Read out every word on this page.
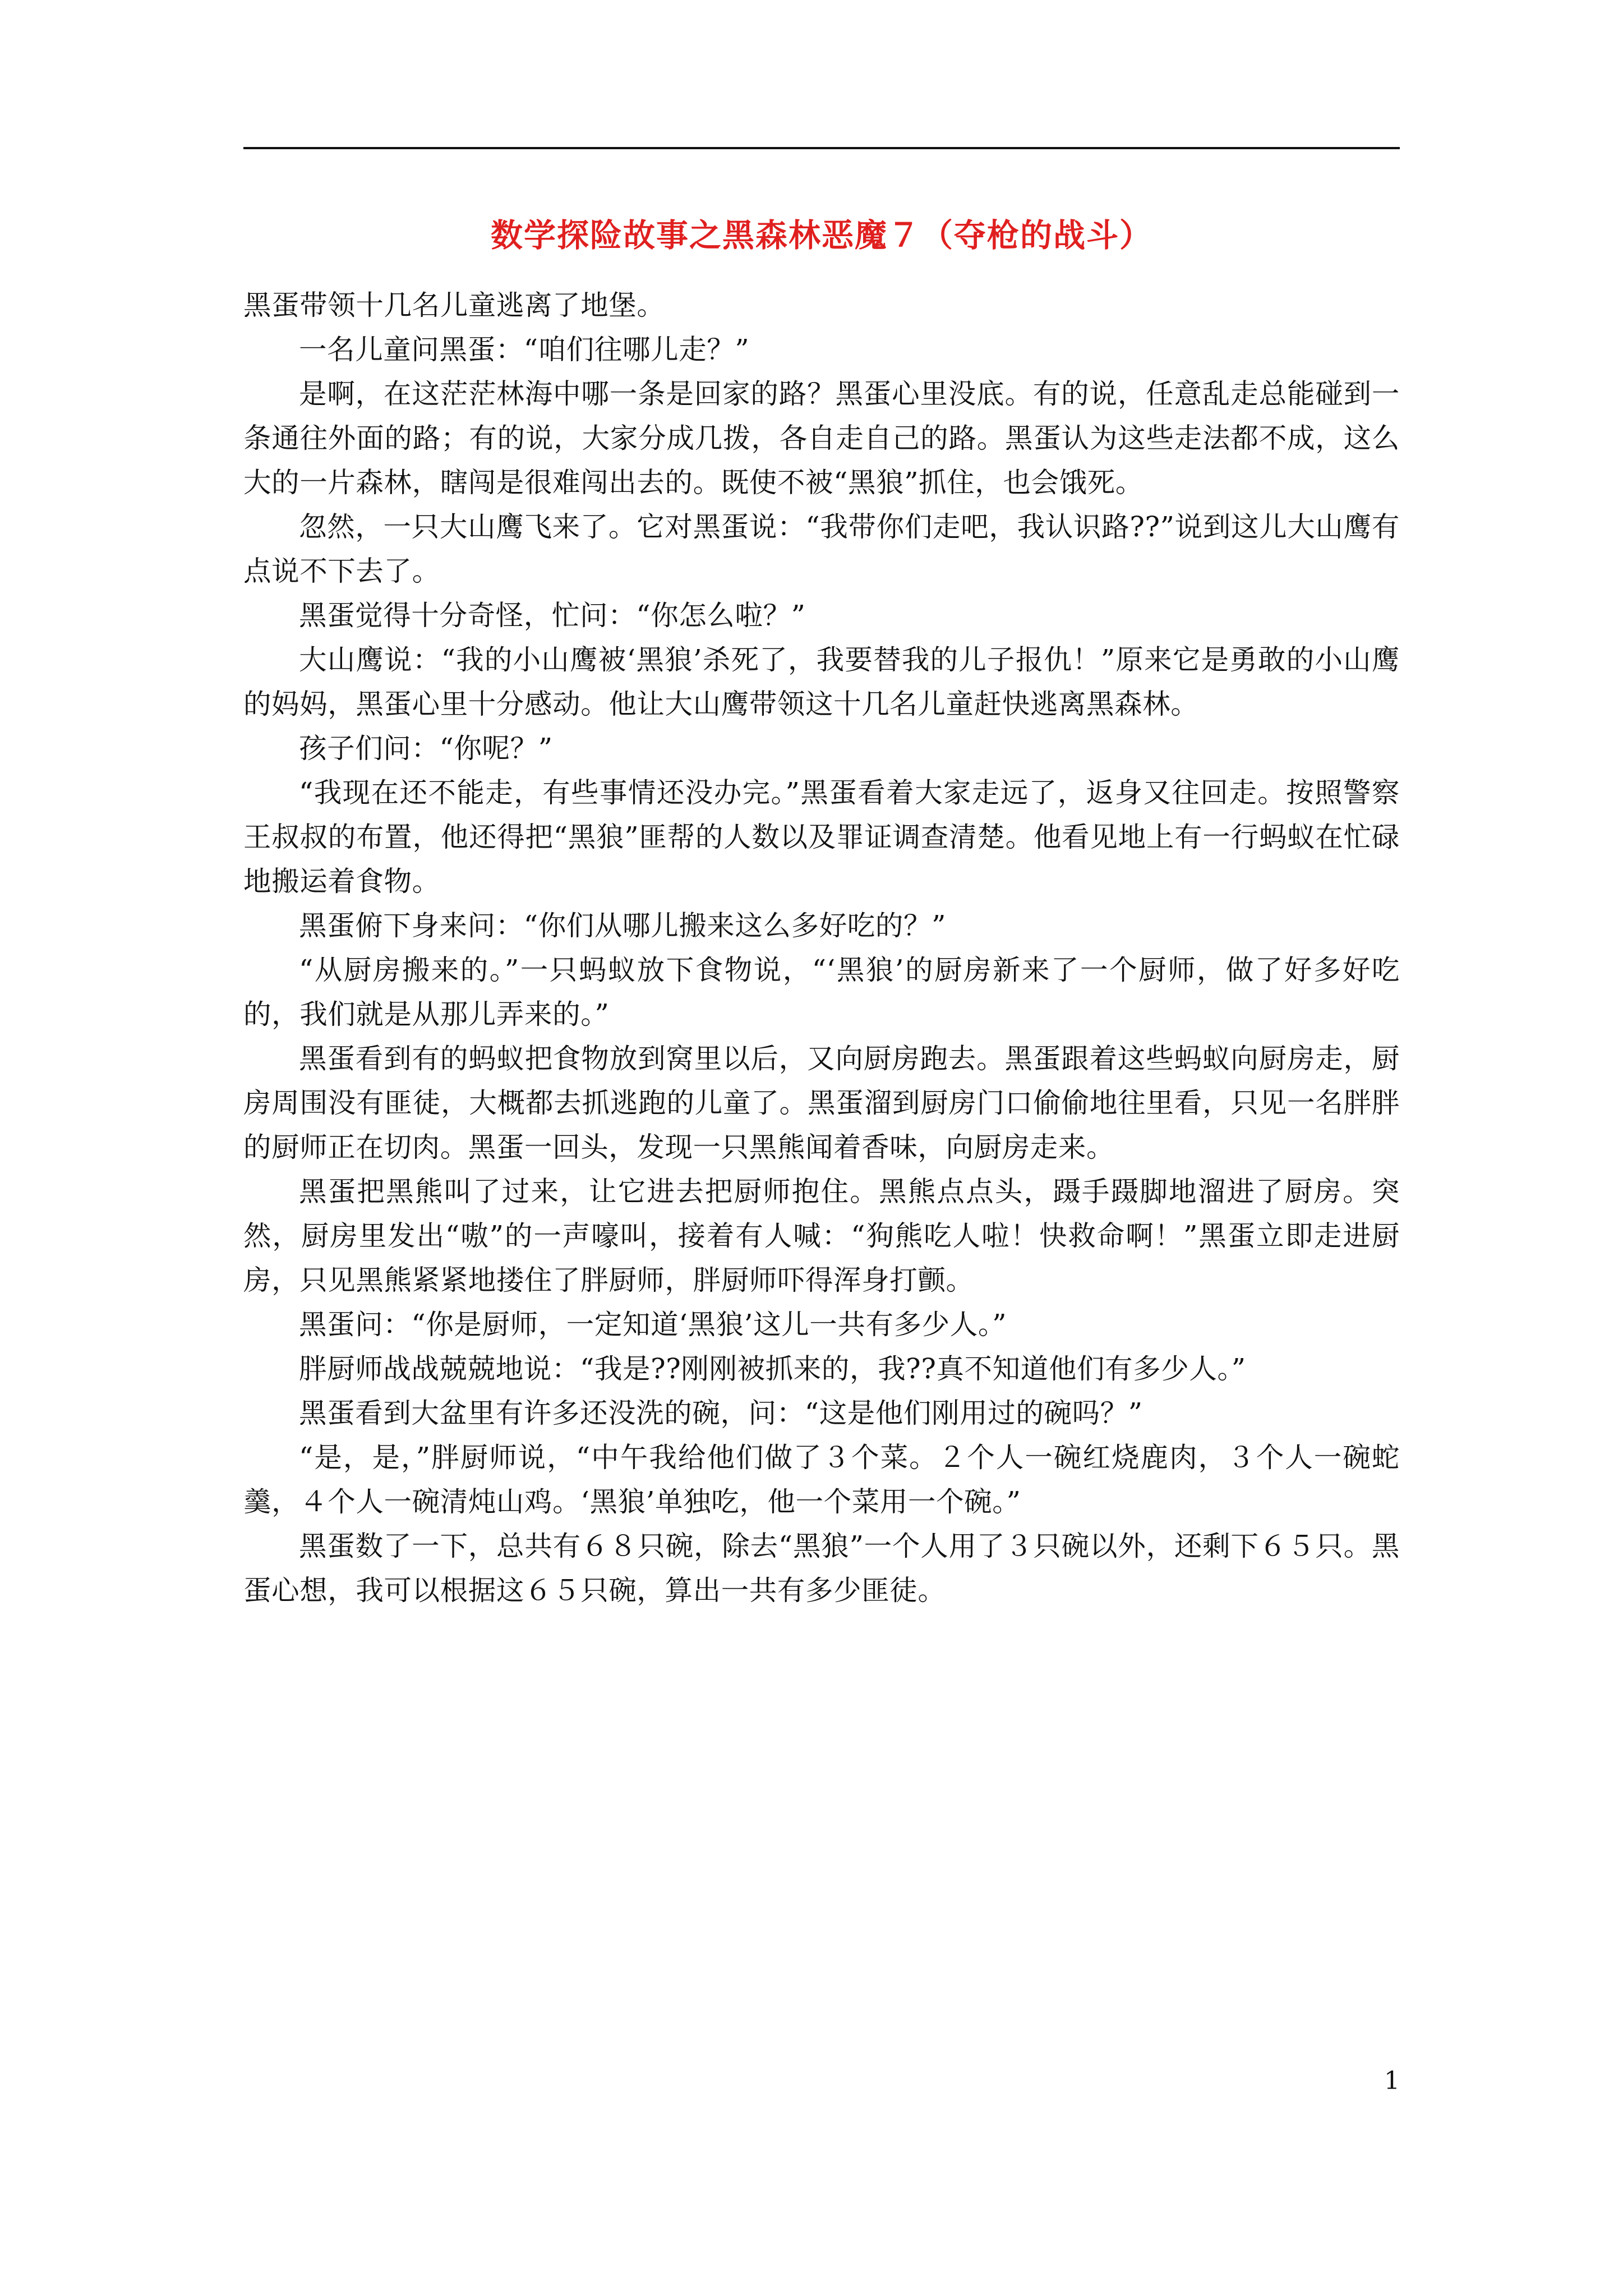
数学探险故事之黑森林恶魔７（夺枪的战斗）

黑蛋带领十几名儿童逃离了地堡。

一名儿童问黑蛋：“咱们往哪儿走？”

是啊，在这茫茫林海中哪一条是回家的路？黑蛋心里没底。有的说，任意乱走总能碰到一条通往外面的路；有的说，大家分成几拨，各自走自己的路。黑蛋认为这些走法都不成，这么大的一片森林，瞎闯是很难闯出去的。既使不被“黑狼”抓住，也会饿死。

忽然，一只大山鹰飞来了。它对黑蛋说：“我带你们走吧，我认识路??”说到这儿大山鹰有点说不下去了。

黑蛋觉得十分奇怪，忙问：“你怎么啦？”

大山鹰说：“我的小山鹰被‘黑狼’杀死了，我要替我的儿子报仇！”原来它是勇敢的小山鹰的妈妈，黑蛋心里十分感动。他让大山鹰带领这十几名儿童赶快逃离黑森林。

孩子们问：“你呢？”

“我现在还不能走，有些事情还没办完。”黑蛋看着大家走远了，返身又往回走。按照警察王叔叔的布置，他还得把“黑狼”匪帮的人数以及罪证调查清楚。他看见地上有一行蚂蚁在忙碌地搬运着食物。

黑蛋俯下身来问：“你们从哪儿搬来这么多好吃的？”

“从厨房搬来的。”一只蚂蚁放下食物说，“‘黑狼’的厨房新来了一个厨师，做了好多好吃的，我们就是从那儿弄来的。”

黑蛋看到有的蚂蚁把食物放到窝里以后，又向厨房跑去。黑蛋跟着这些蚂蚁向厨房走，厨房周围没有匪徒，大概都去抓逃跑的儿童了。黑蛋溜到厨房门口偷偷地往里看，只见一名胖胖的厨师正在切肉。黑蛋一回头，发现一只黑熊闻着香味，向厨房走来。

黑蛋把黑熊叫了过来，让它进去把厨师抱住。黑熊点点头，蹑手蹑脚地溜进了厨房。突然，厨房里发出“嗷”的一声嚎叫，接着有人喊：“狗熊吃人啦！快救命啊！”黑蛋立即走进厨房，只见黑熊紧紧地搂住了胖厨师，胖厨师吓得浑身打颤。

黑蛋问：“你是厨师，一定知道‘黑狼’这儿一共有多少人。”

胖厨师战战兢兢地说：“我是??刚刚被抓来的，我??真不知道他们有多少人。”

黑蛋看到大盆里有许多还没洗的碗，问：“这是他们刚用过的碗吗？”

“是，是，”胖厨师说，“中午我给他们做了３个菜。２个人一碗红烧鹿肉，３个人一碗蛇羹，４个人一碗清炖山鸡。‘黑狼’单独吃，他一个菜用一个碗。”

黑蛋数了一下，总共有６８只碗，除去“黑狼”一个人用了３只碗以外，还剩下６５只。黑蛋心想，我可以根据这６５只碗，算出一共有多少匪徒。

1
